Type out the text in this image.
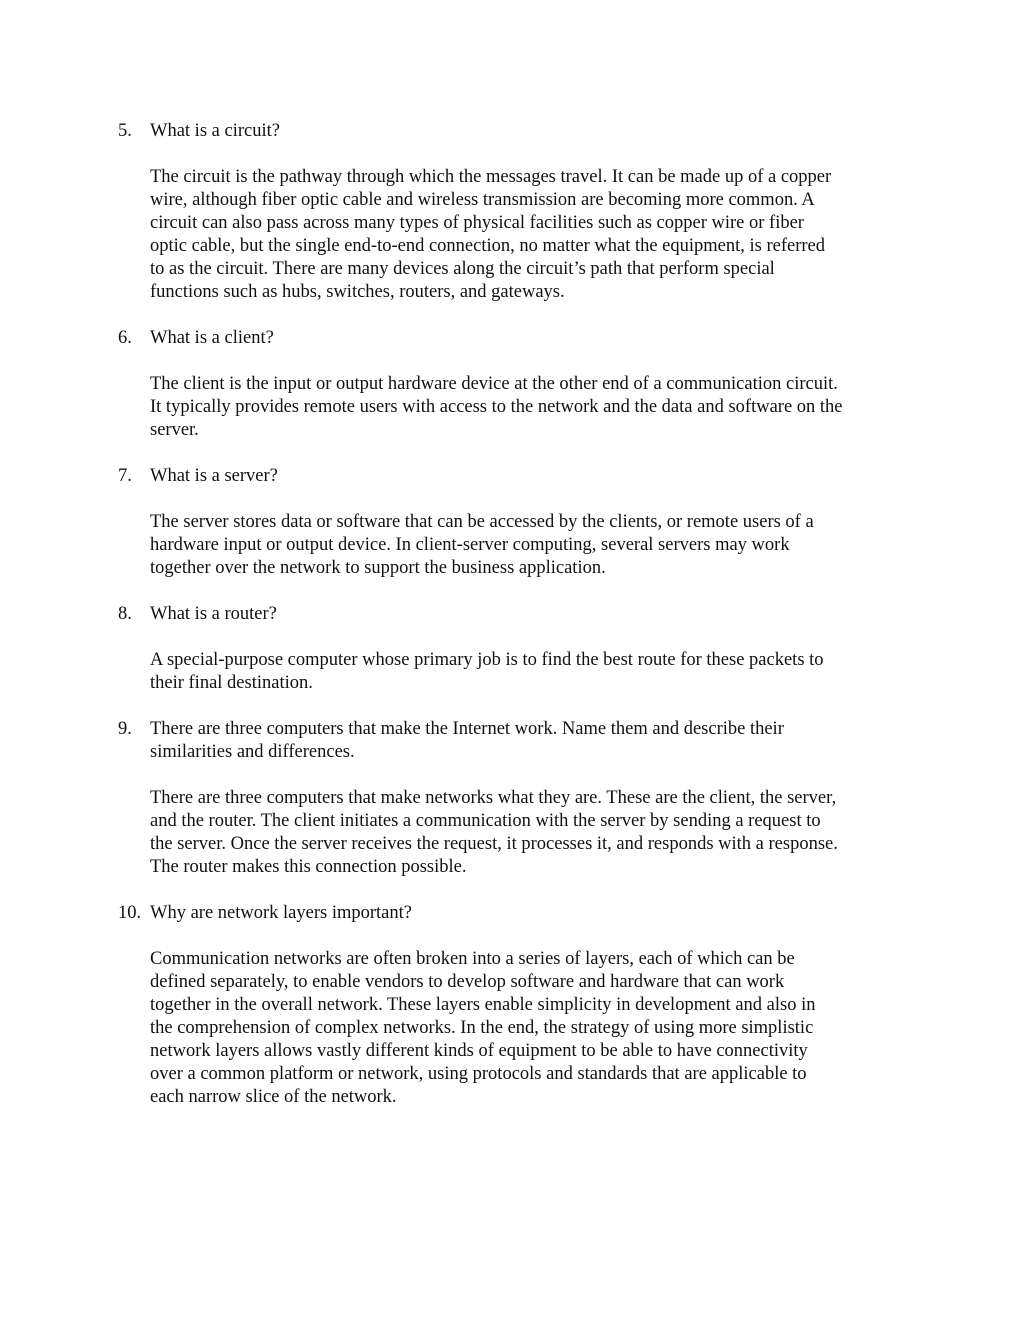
5. What is a circuit?

The circuit is the pathway through which the messages travel. It can be made up of a copper
wire, although fiber optic cable and wireless transmission are becoming more common. A
circuit can also pass across many types of physical facilities such as copper wire or fiber
optic cable, but the single end-to-end connection, no matter what the equipment, is referred
to as the circuit. There are many devices along the circuit’s path that perform special
functions such as hubs, switches, routers, and gateways.

6. What is a client?

The client is the input or output hardware device at the other end of a communication circuit.
It typically provides remote users with access to the network and the data and software on the
server.

7. What is a server?

The server stores data or software that can be accessed by the clients, or remote users of a
hardware input or output device. In client-server computing, several servers may work
together over the network to support the business application.

8. What is a router?

A special-purpose computer whose primary job is to find the best route for these packets to
their final destination.

9. There are three computers that make the Internet work. Name them and describe their
similarities and differences.

There are three computers that make networks what they are. These are the client, the server,
and the router. The client initiates a communication with the server by sending a request to
the server. Once the server receives the request, it processes it, and responds with a response.
The router makes this connection possible.

10. Why are network layers important?

Communication networks are often broken into a series of layers, each of which can be
defined separately, to enable vendors to develop software and hardware that can work
together in the overall network. These layers enable simplicity in development and also in
the comprehension of complex networks. In the end, the strategy of using more simplistic
network layers allows vastly different kinds of equipment to be able to have connectivity
over a common platform or network, using protocols and standards that are applicable to
each narrow slice of the network.
